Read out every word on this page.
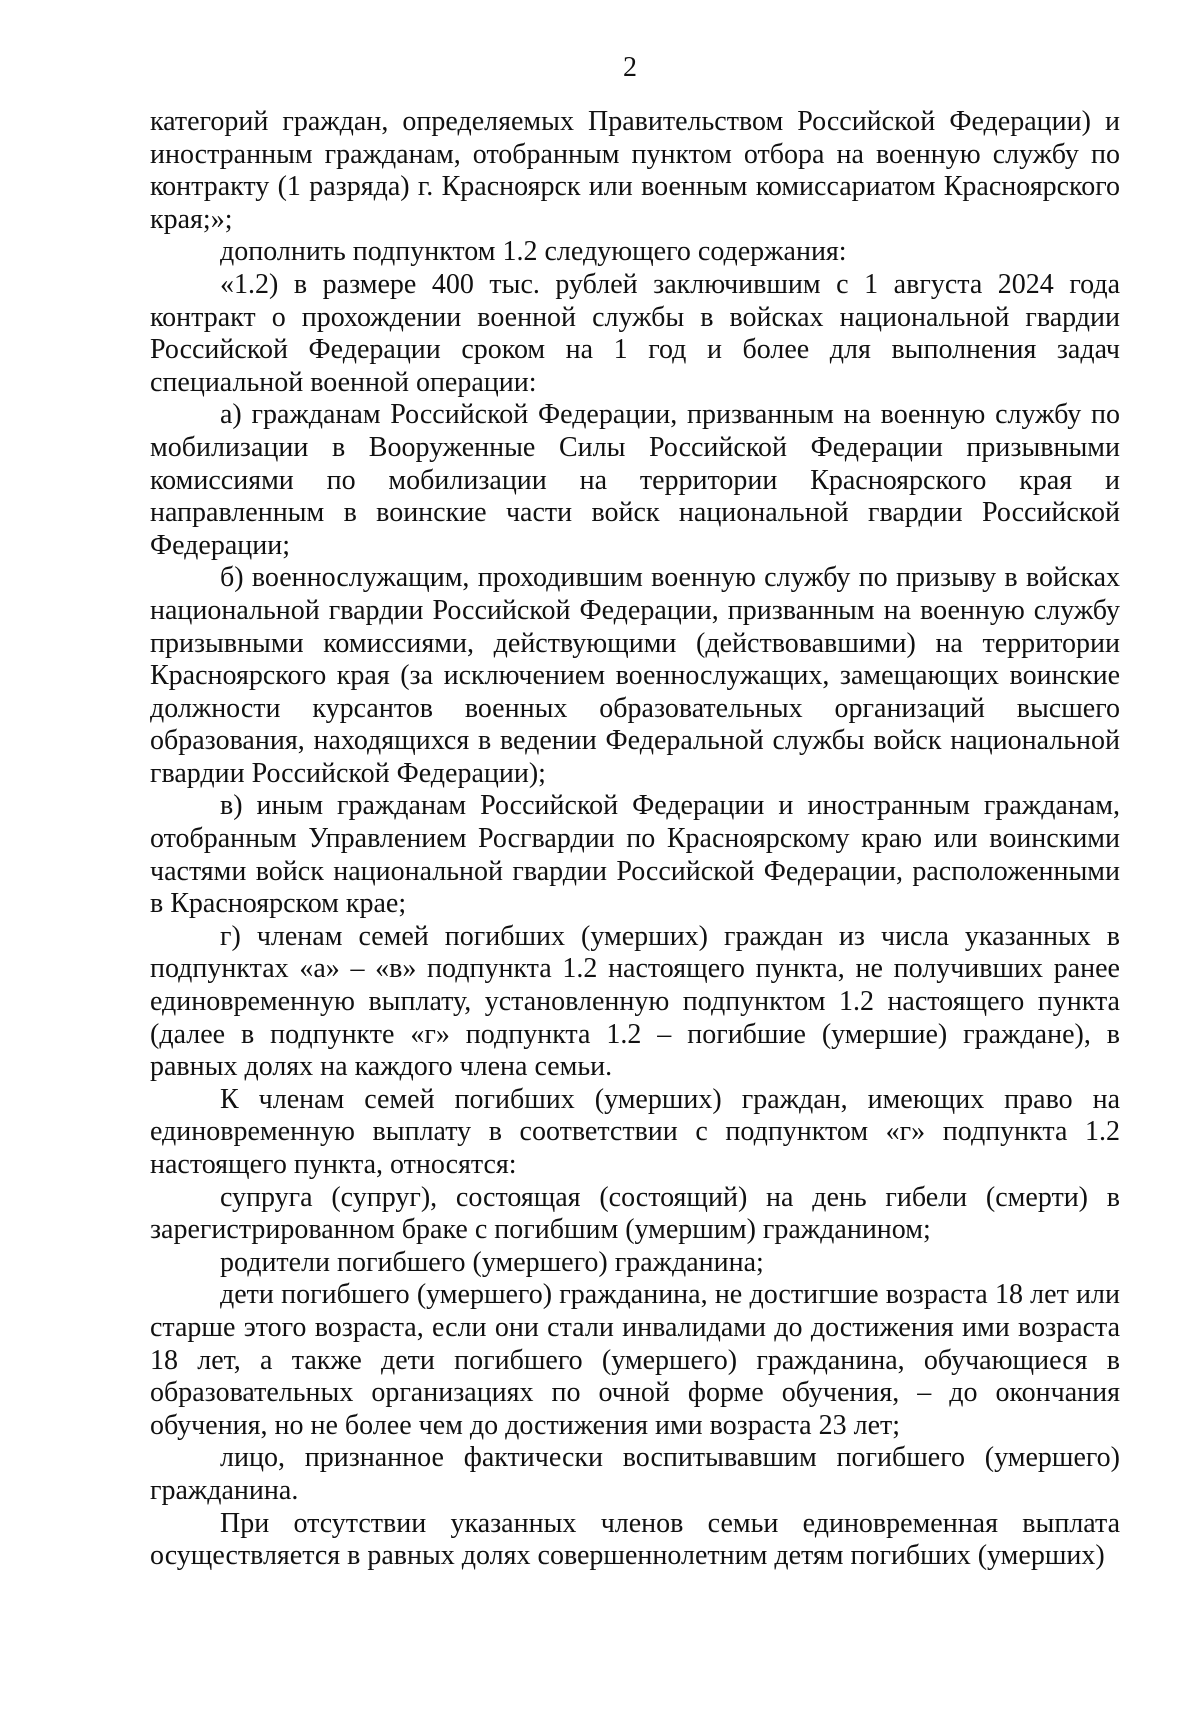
2

категорий граждан, определяемых Правительством Российской Федерации) и иностранным гражданам, отобранным пунктом отбора на военную службу по контракту (1 разряда) г. Красноярск или военным комиссариатом Красноярского края;»;

дополнить подпунктом 1.2 следующего содержания:

«1.2) в размере 400 тыс. рублей заключившим с 1 августа 2024 года контракт о прохождении военной службы в войсках национальной гвардии Российской Федерации сроком на 1 год и более для выполнения задач специальной военной операции:

а) гражданам Российской Федерации, призванным на военную службу по мобилизации в Вооруженные Силы Российской Федерации призывными комиссиями по мобилизации на территории Красноярского края и направленным в воинские части войск национальной гвардии Российской Федерации;

б) военнослужащим, проходившим военную службу по призыву в войсках национальной гвардии Российской Федерации, призванным на военную службу призывными комиссиями, действующими (действовавшими) на территории Красноярского края (за исключением военнослужащих, замещающих воинские должности курсантов военных образовательных организаций высшего образования, находящихся в ведении Федеральной службы войск национальной гвардии Российской Федерации);

в) иным гражданам Российской Федерации и иностранным гражданам, отобранным Управлением Росгвардии по Красноярскому краю или воинскими частями войск национальной гвардии Российской Федерации, расположенными в Красноярском крае;

г) членам семей погибших (умерших) граждан из числа указанных в подпунктах «а» – «в» подпункта 1.2 настоящего пункта, не получивших ранее единовременную выплату, установленную подпунктом 1.2 настоящего пункта (далее в подпункте «г» подпункта 1.2 – погибшие (умершие) граждане), в равных долях на каждого члена семьи.

К членам семей погибших (умерших) граждан, имеющих право на единовременную выплату в соответствии с подпунктом «г» подпункта 1.2 настоящего пункта, относятся:

супруга (супруг), состоящая (состоящий) на день гибели (смерти) в зарегистрированном браке с погибшим (умершим) гражданином;

родители погибшего (умершего) гражданина;

дети погибшего (умершего) гражданина, не достигшие возраста 18 лет или старше этого возраста, если они стали инвалидами до достижения ими возраста 18 лет, а также дети погибшего (умершего) гражданина, обучающиеся в образовательных организациях по очной форме обучения, – до окончания обучения, но не более чем до достижения ими возраста 23 лет;

лицо, признанное фактически воспитывавшим погибшего (умершего) гражданина.

При отсутствии указанных членов семьи единовременная выплата осуществляется в равных долях совершеннолетним детям погибших (умерших)
